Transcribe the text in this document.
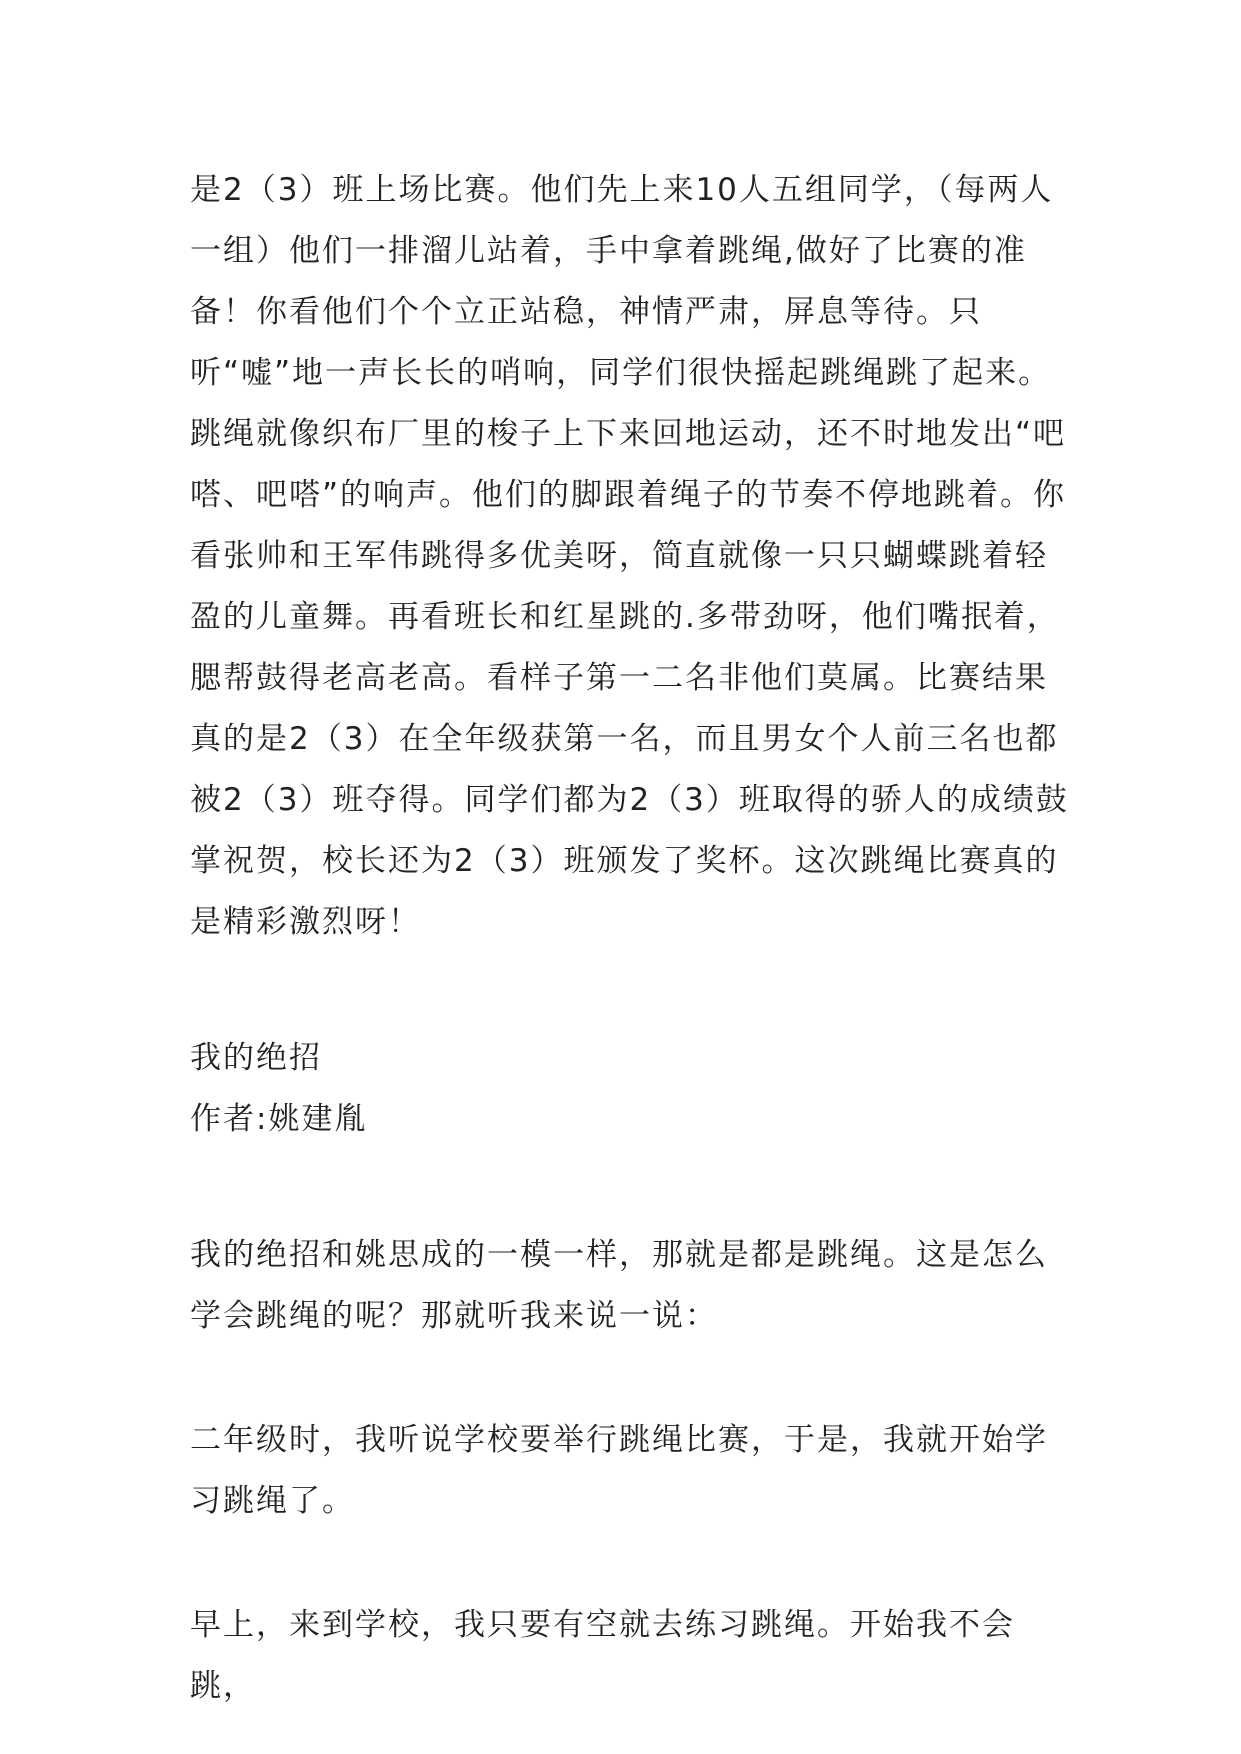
是2（3）班上场比赛。他们先上来10人五组同学，（每两人一组）他们一排溜儿站着，手中拿着跳绳,做好了比赛的准备！你看他们个个立正站稳，神情严肃，屏息等待。只听“嘘”地一声长长的哨响，同学们很快摇起跳绳跳了起来。跳绳就像织布厂里的梭子上下来回地运动，还不时地发出“吧嗒、吧嗒”的响声。他们的脚跟着绳子的节奏不停地跳着。你看张帅和王军伟跳得多优美呀，简直就像一只只蝴蝶跳着轻盈的儿童舞。再看班长和红星跳的.多带劲呀，他们嘴抿着，腮帮鼓得老高老高。看样子第一二名非他们莫属。比赛结果真的是2（3）在全年级获第一名，而且男女个人前三名也都被2（3）班夺得。同学们都为2（3）班取得的骄人的成绩鼓掌祝贺，校长还为2（3）班颁发了奖杯。这次跳绳比赛真的是精彩激烈呀！

我的绝招

作者:姚建胤

我的绝招和姚思成的一模一样，那就是都是跳绳。这是怎么学会跳绳的呢？那就听我来说一说：

二年级时，我听说学校要举行跳绳比赛，于是，我就开始学习跳绳了。

早上，来到学校，我只要有空就去练习跳绳。开始我不会跳，
